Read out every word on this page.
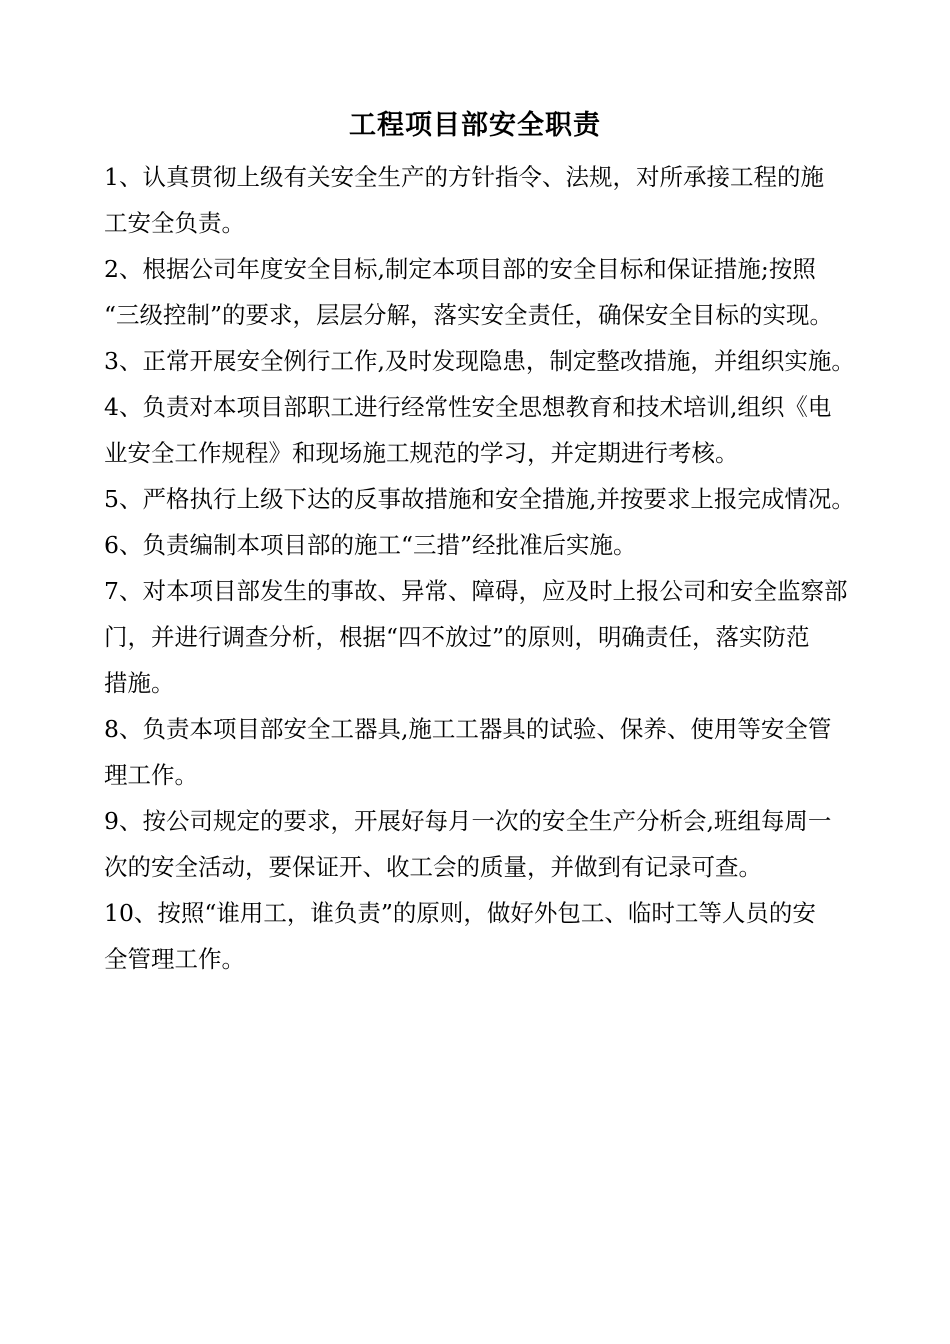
工程项目部安全职责

1、认真贯彻上级有关安全生产的方针指令、法规，对所承接工程的施
工安全负责。

2、根据公司年度安全目标,制定本项目部的安全目标和保证措施;按照
“三级控制”的要求，层层分解，落实安全责任，确保安全目标的实现。

3、正常开展安全例行工作,及时发现隐患，制定整改措施，并组织实施。

4、负责对本项目部职工进行经常性安全思想教育和技术培训,组织《电
业安全工作规程》和现场施工规范的学习，并定期进行考核。

5、严格执行上级下达的反事故措施和安全措施,并按要求上报完成情况。

6、负责编制本项目部的施工“三措”经批准后实施。

7、对本项目部发生的事故、异常、障碍，应及时上报公司和安全监察部
门，并进行调查分析，根据“四不放过”的原则，明确责任，落实防范
措施。

8、负责本项目部安全工器具,施工工器具的试验、保养、使用等安全管
理工作。

9、按公司规定的要求，开展好每月一次的安全生产分析会,班组每周一
次的安全活动，要保证开、收工会的质量，并做到有记录可查。

10、按照“谁用工，谁负责”的原则，做好外包工、临时工等人员的安
全管理工作。
